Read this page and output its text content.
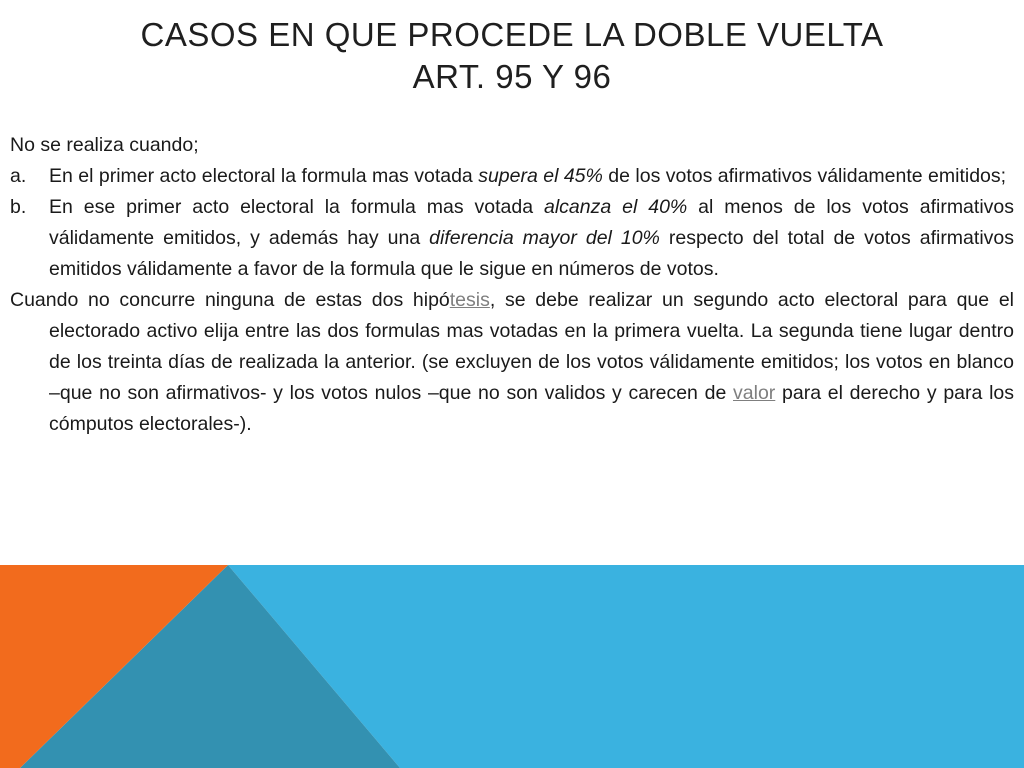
CASOS EN QUE PROCEDE LA DOBLE VUELTA
ART. 95 Y 96

No se realiza cuando;

a. En el primer acto electoral la formula mas votada supera el 45% de los votos afirmativos válidamente emitidos;

b. En ese primer acto electoral la formula mas votada alcanza el 40% al menos de los votos afirmativos válidamente emitidos, y además hay una diferencia mayor del 10% respecto del total de votos afirmativos emitidos válidamente a favor de la formula que le sigue en números de votos.

Cuando no concurre ninguna de estas dos hipótesis, se debe realizar un segundo acto electoral para que el electorado activo elija entre las dos formulas mas votadas en la primera vuelta. La segunda tiene lugar dentro de los treinta días de realizada la anterior. (se excluyen de los votos válidamente emitidos; los votos en blanco –que no son afirmativos- y los votos nulos –que no son validos y carecen de valor para el derecho y para los cómputos electorales-).
